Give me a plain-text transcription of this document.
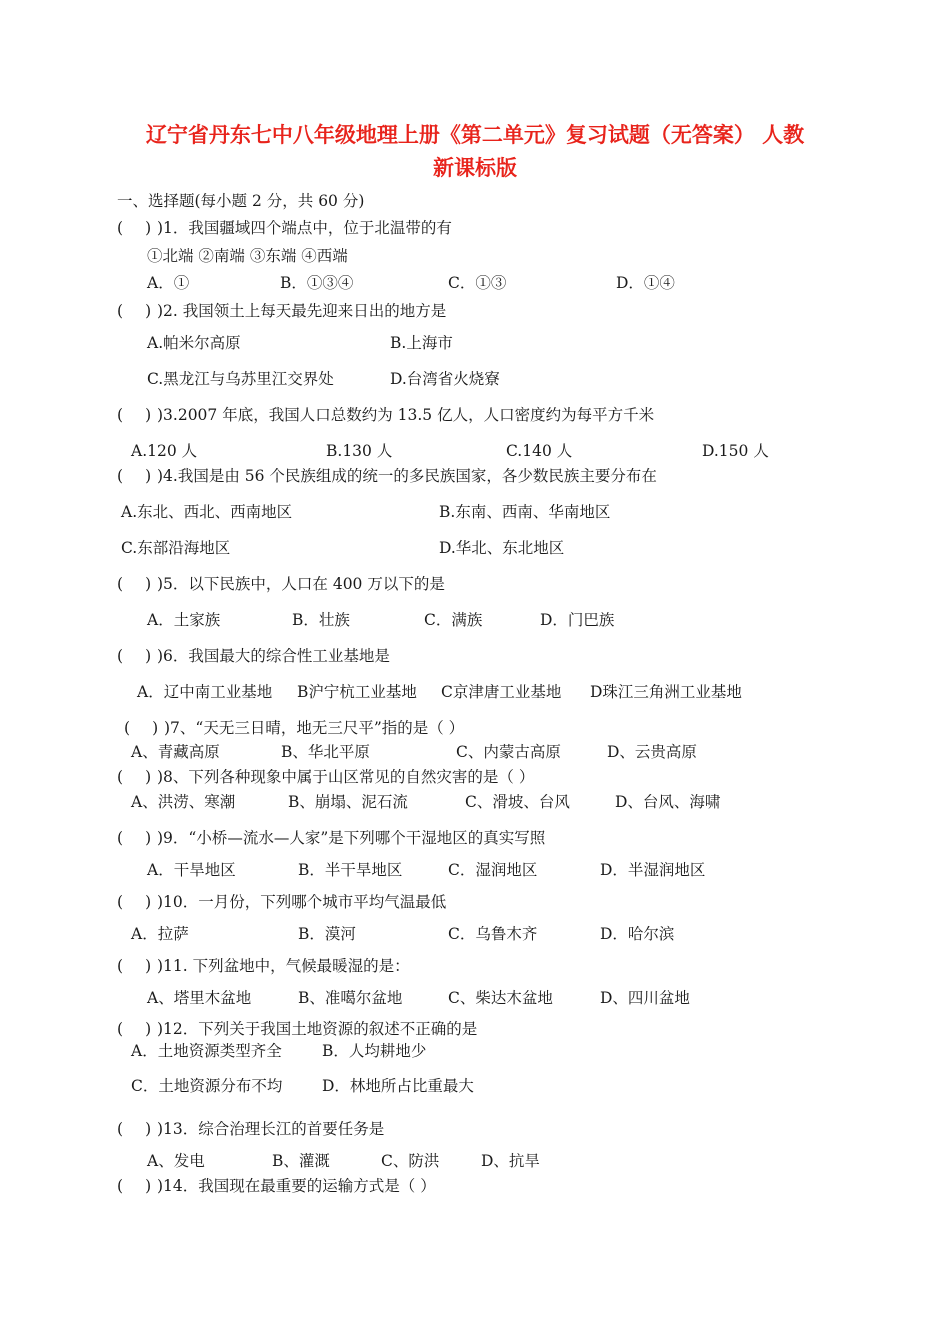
辽宁省丹东七中八年级地理上册《第二单元》复习试题（无答案） 人教
新课标版
一、选择题(每小题 2 分，共 60 分)
( ))1．我国疆域四个端点中，位于北温带的有
①北端 ②南端 ③东端 ④西端
A．①	B．①③④	C．①③	D．①④
( ))2. 我国领土上每天最先迎来日出的地方是
A.帕米尔高原	B.上海市
C.黑龙江与乌苏里江交界处	D.台湾省火烧寮
( ))3.2007 年底，我国人口总数约为 13.5 亿人，人口密度约为每平方千米
A.120 人	B.130 人	C.140 人	D.150 人
( ))4.我国是由 56 个民族组成的统一的多民族国家，各少数民族主要分布在
A.东北、西北、西南地区	B.东南、西南、华南地区
C.东部沿海地区	D.华北、东北地区
( ))5．以下民族中，人口在 400 万以下的是
A．土家族	B．壮族	C．满族	D．门巴族
( ))6．我国最大的综合性工业基地是
A．辽中南工业基地 B沪宁杭工业基地 C京津唐工业基地 D珠江三角洲工业基地
( ))7、“天无三日晴，地无三尺平”指的是（ ）
A、青藏高原	B、华北平原	C、内蒙古高原	D、云贵高原
( ))8、下列各种现象中属于山区常见的自然灾害的是（ ）
A、洪涝、寒潮	B、崩塌、泥石流	C、滑坡、台风	D、台风、海啸
( ))9．“小桥—流水—人家”是下列哪个干湿地区的真实写照
A．干旱地区	B．半干旱地区	C．湿润地区	D．半湿润地区
( ))10．一月份，下列哪个城市平均气温最低
A．拉萨	B．漠河	C．乌鲁木齐	D．哈尔滨
( ))11. 下列盆地中，气候最暖湿的是：
A、塔里木盆地	B、准噶尔盆地	C、柴达木盆地	D、四川盆地
( ))12．下列关于我国土地资源的叙述不正确的是
A．土地资源类型齐全	B．人均耕地少
C．土地资源分布不均	D．林地所占比重最大
( ))13．综合治理长江的首要任务是
A、发电	B、灌溉	C、防洪	D、抗旱
( ))14．我国现在最重要的运输方式是（ ）
